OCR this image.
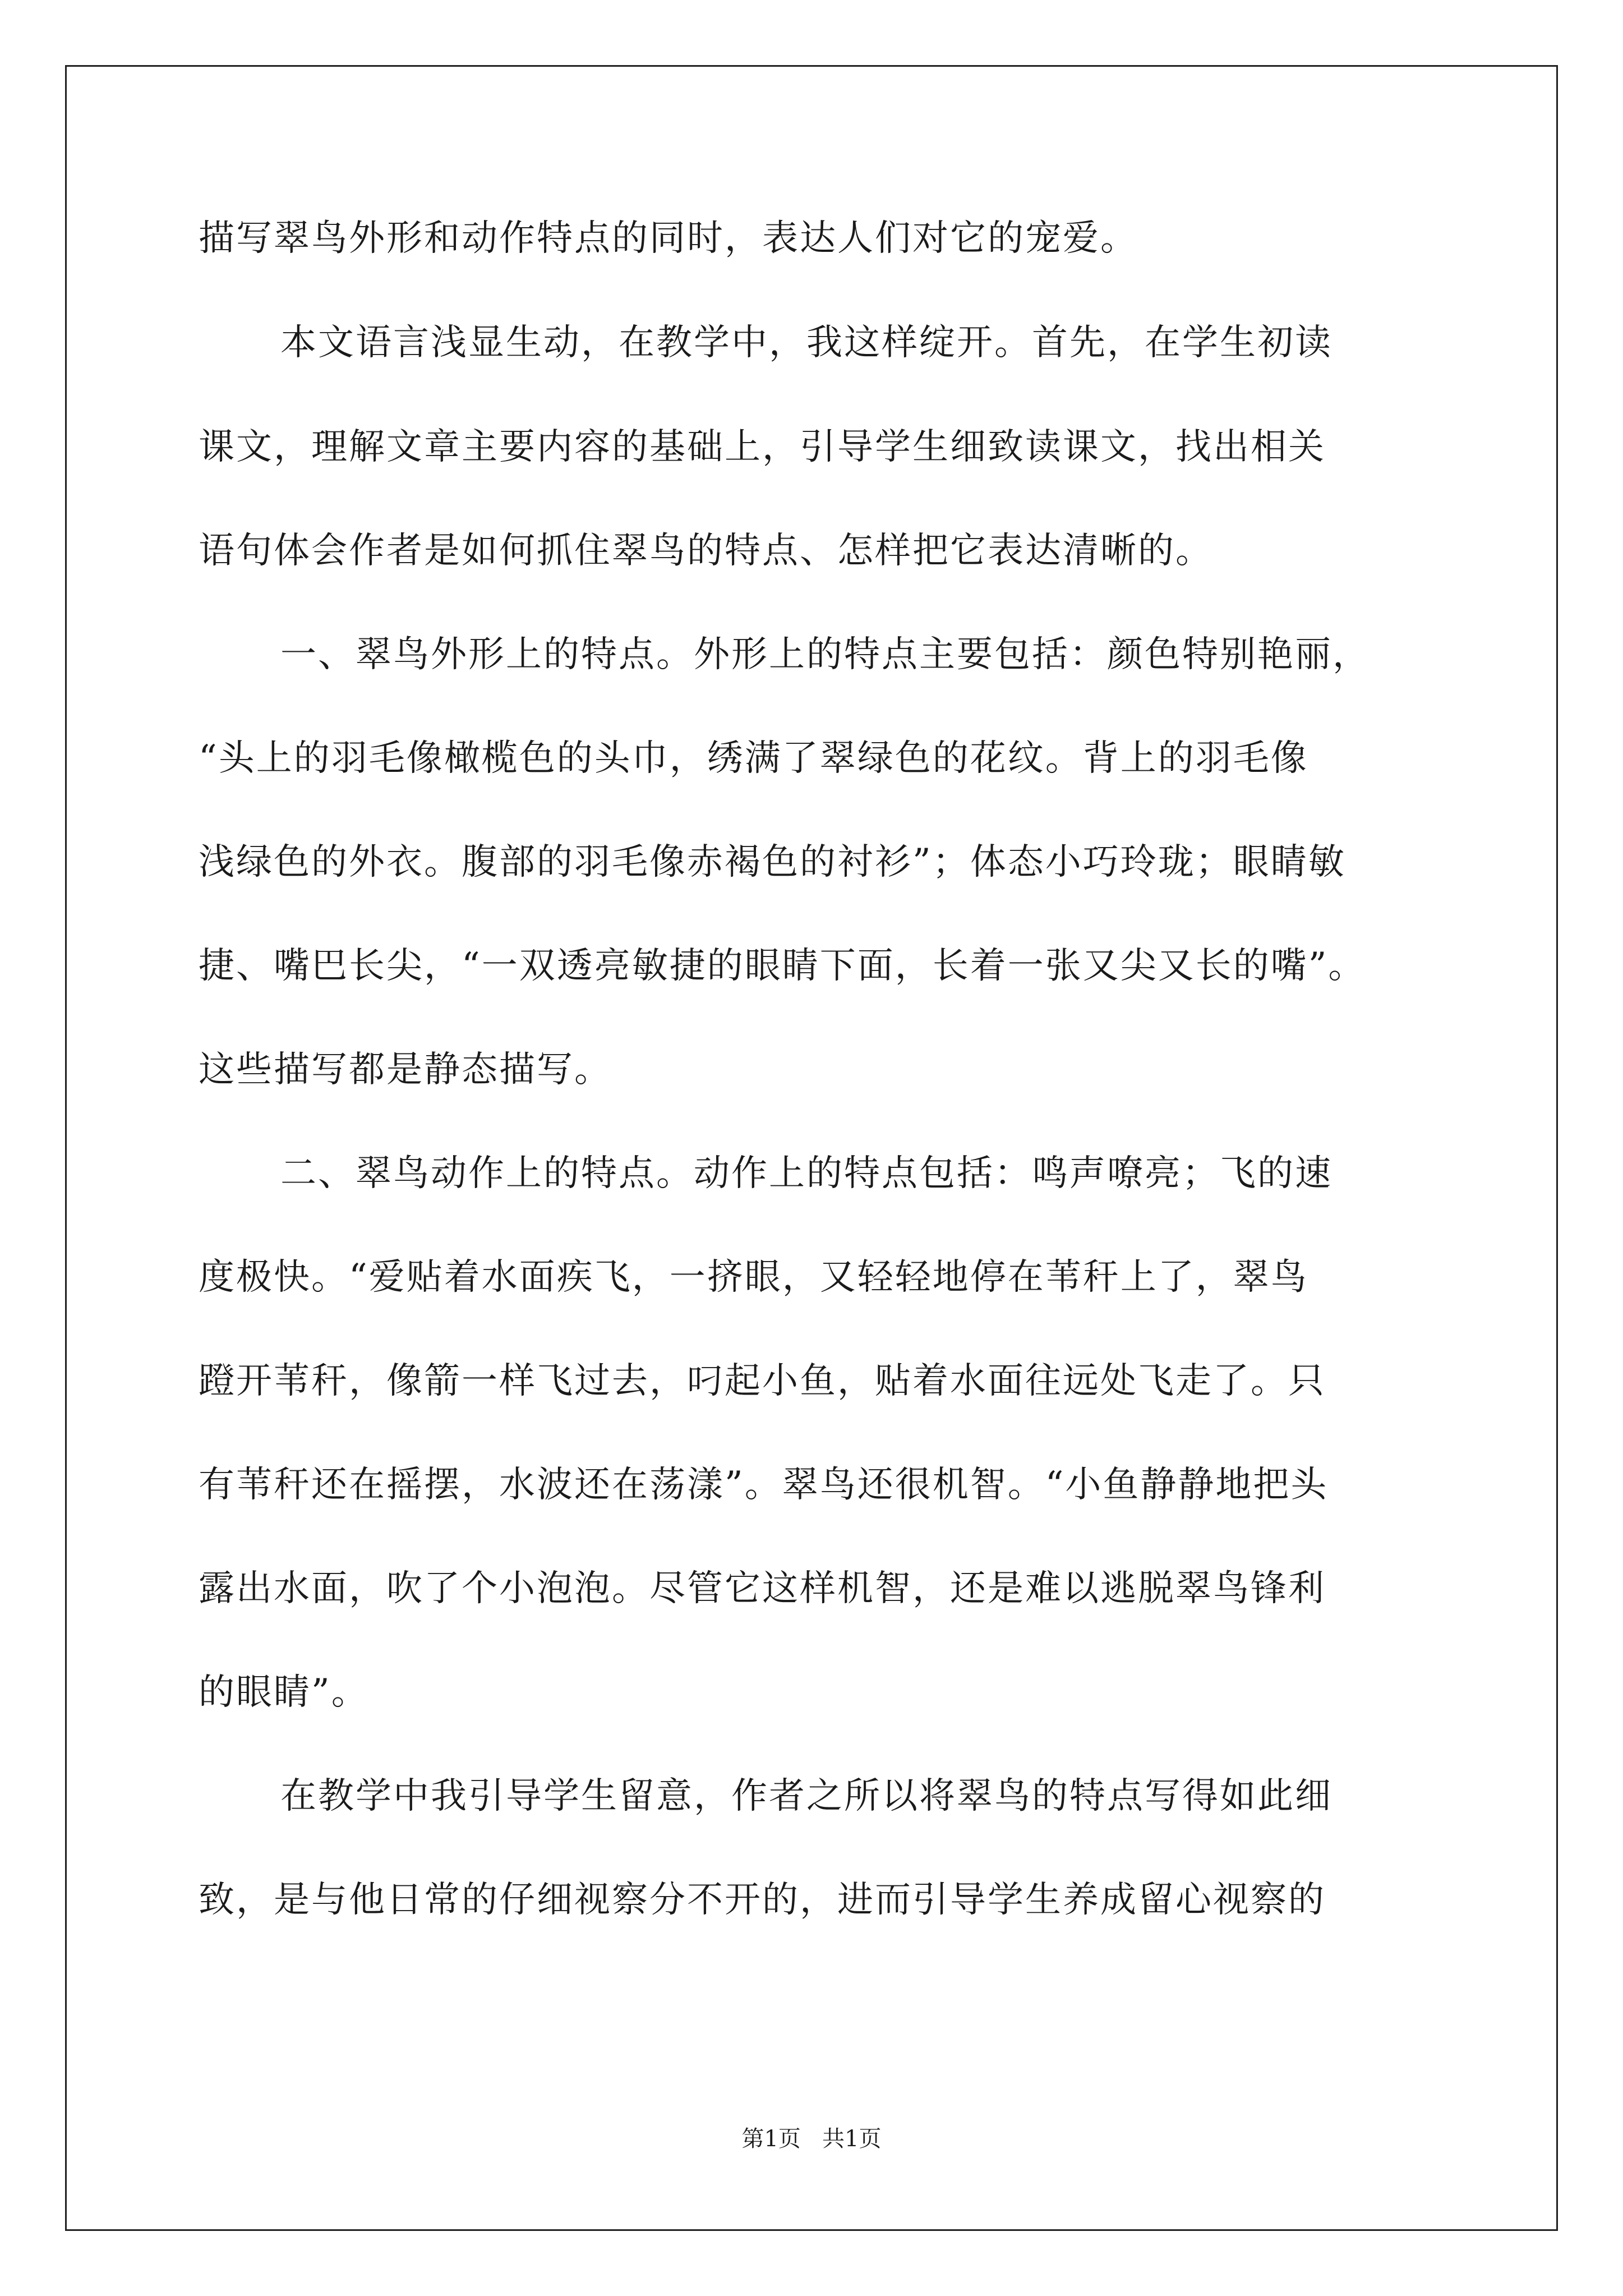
描写翠鸟外形和动作特点的同时，表达人们对它的宠爱。

本文语言浅显生动，在教学中，我这样绽开。首先，在学生初读

课文，理解文章主要内容的基础上，引导学生细致读课文，找出相关

语句体会作者是如何抓住翠鸟的特点、怎样把它表达清晰的。

一、翠鸟外形上的特点。外形上的特点主要包括：颜色特别艳丽，

“头上的羽毛像橄榄色的头巾，绣满了翠绿色的花纹。背上的羽毛像

浅绿色的外衣。腹部的羽毛像赤褐色的衬衫”；体态小巧玲珑；眼睛敏

捷、嘴巴长尖，“一双透亮敏捷的眼睛下面，长着一张又尖又长的嘴”。

这些描写都是静态描写。

二、翠鸟动作上的特点。动作上的特点包括：鸣声嘹亮；飞的速

度极快。“爱贴着水面疾飞，一挤眼，又轻轻地停在苇秆上了，翠鸟

蹬开苇秆，像箭一样飞过去，叼起小鱼，贴着水面往远处飞走了。只

有苇秆还在摇摆，水波还在荡漾”。翠鸟还很机智。“小鱼静静地把头

露出水面，吹了个小泡泡。尽管它这样机智，还是难以逃脱翠鸟锋利

的眼睛”。

在教学中我引导学生留意，作者之所以将翠鸟的特点写得如此细

致，是与他日常的仔细视察分不开的，进而引导学生养成留心视察的

第1页   共1页
